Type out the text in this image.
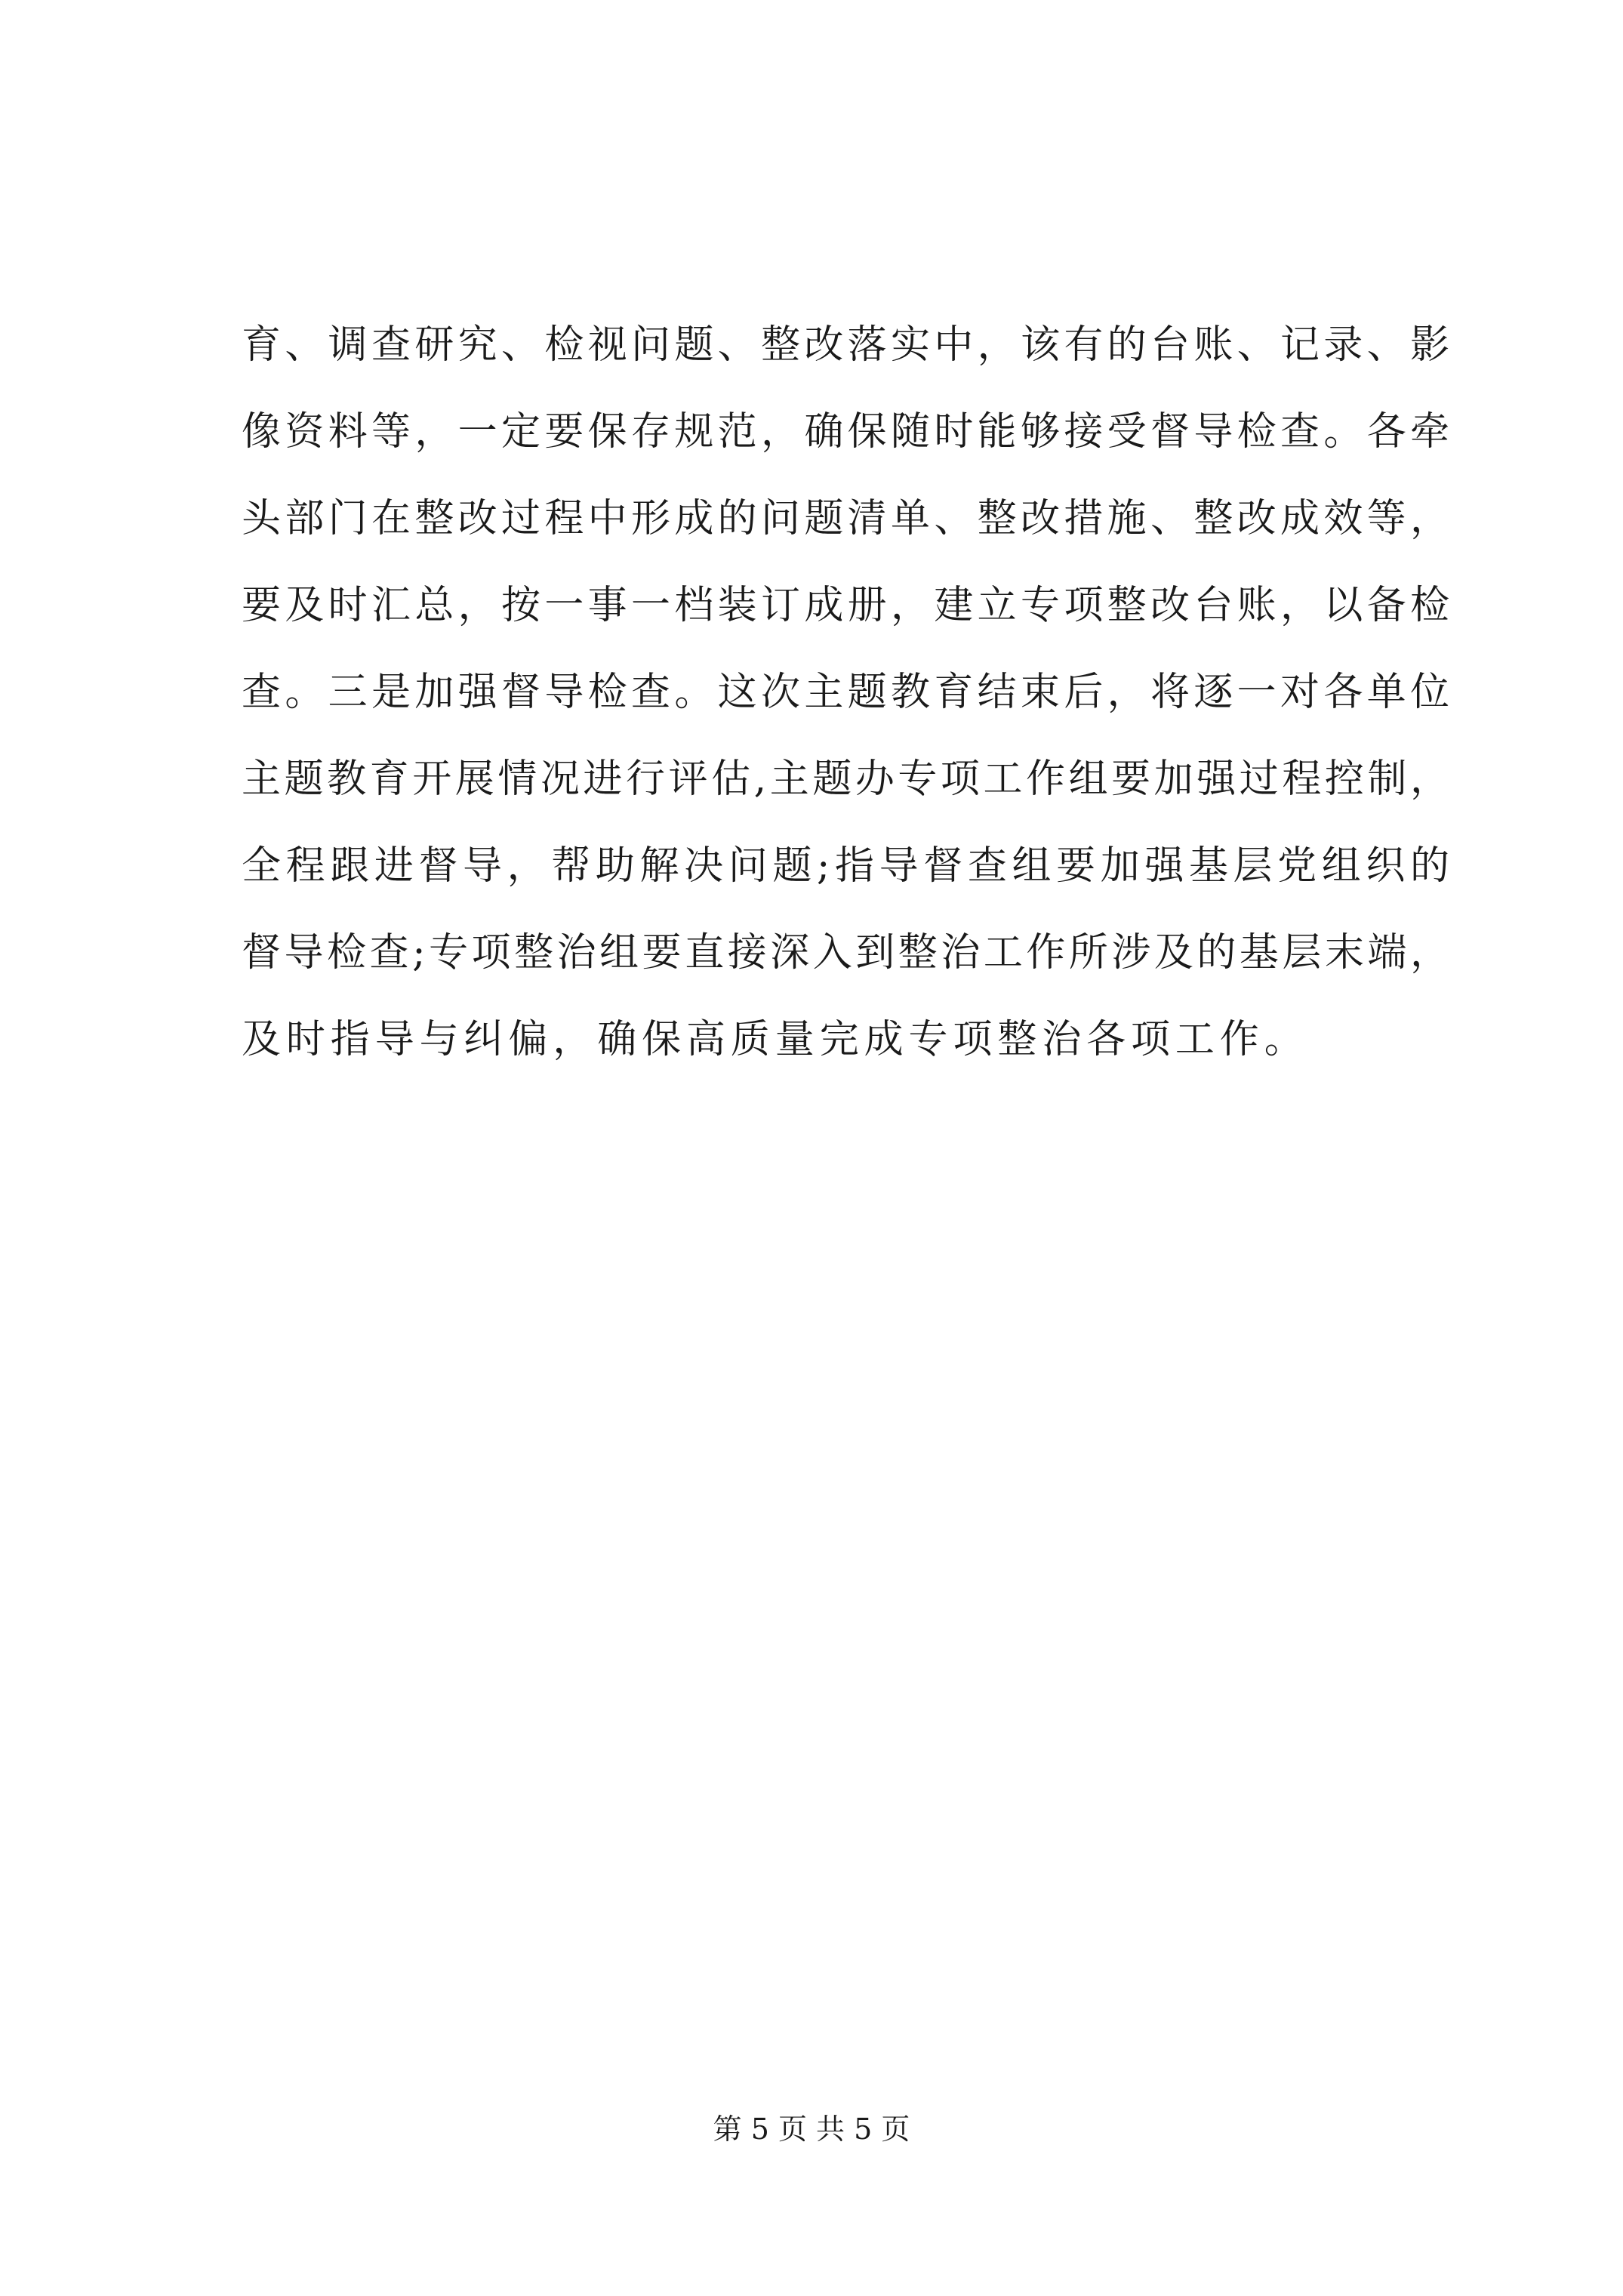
育、调查研究、检视问题、整改落实中，该有的台账、记录、影
像资料等，一定要保存规范，确保随时能够接受督导检查。各牵
头部门在整改过程中形成的问题清单、整改措施、整改成效等，
要及时汇总，按一事一档装订成册，建立专项整改台账，以备检
查。三是加强督导检查。这次主题教育结束后，将逐一对各单位
主题教育开展情况进行评估,主题办专项工作组要加强过程控制，
全程跟进督导，帮助解决问题;指导督查组要加强基层党组织的
督导检查;专项整治组要直接深入到整治工作所涉及的基层末端，
及时指导与纠偏，确保高质量完成专项整治各项工作。
第 5 页 共 5 页
